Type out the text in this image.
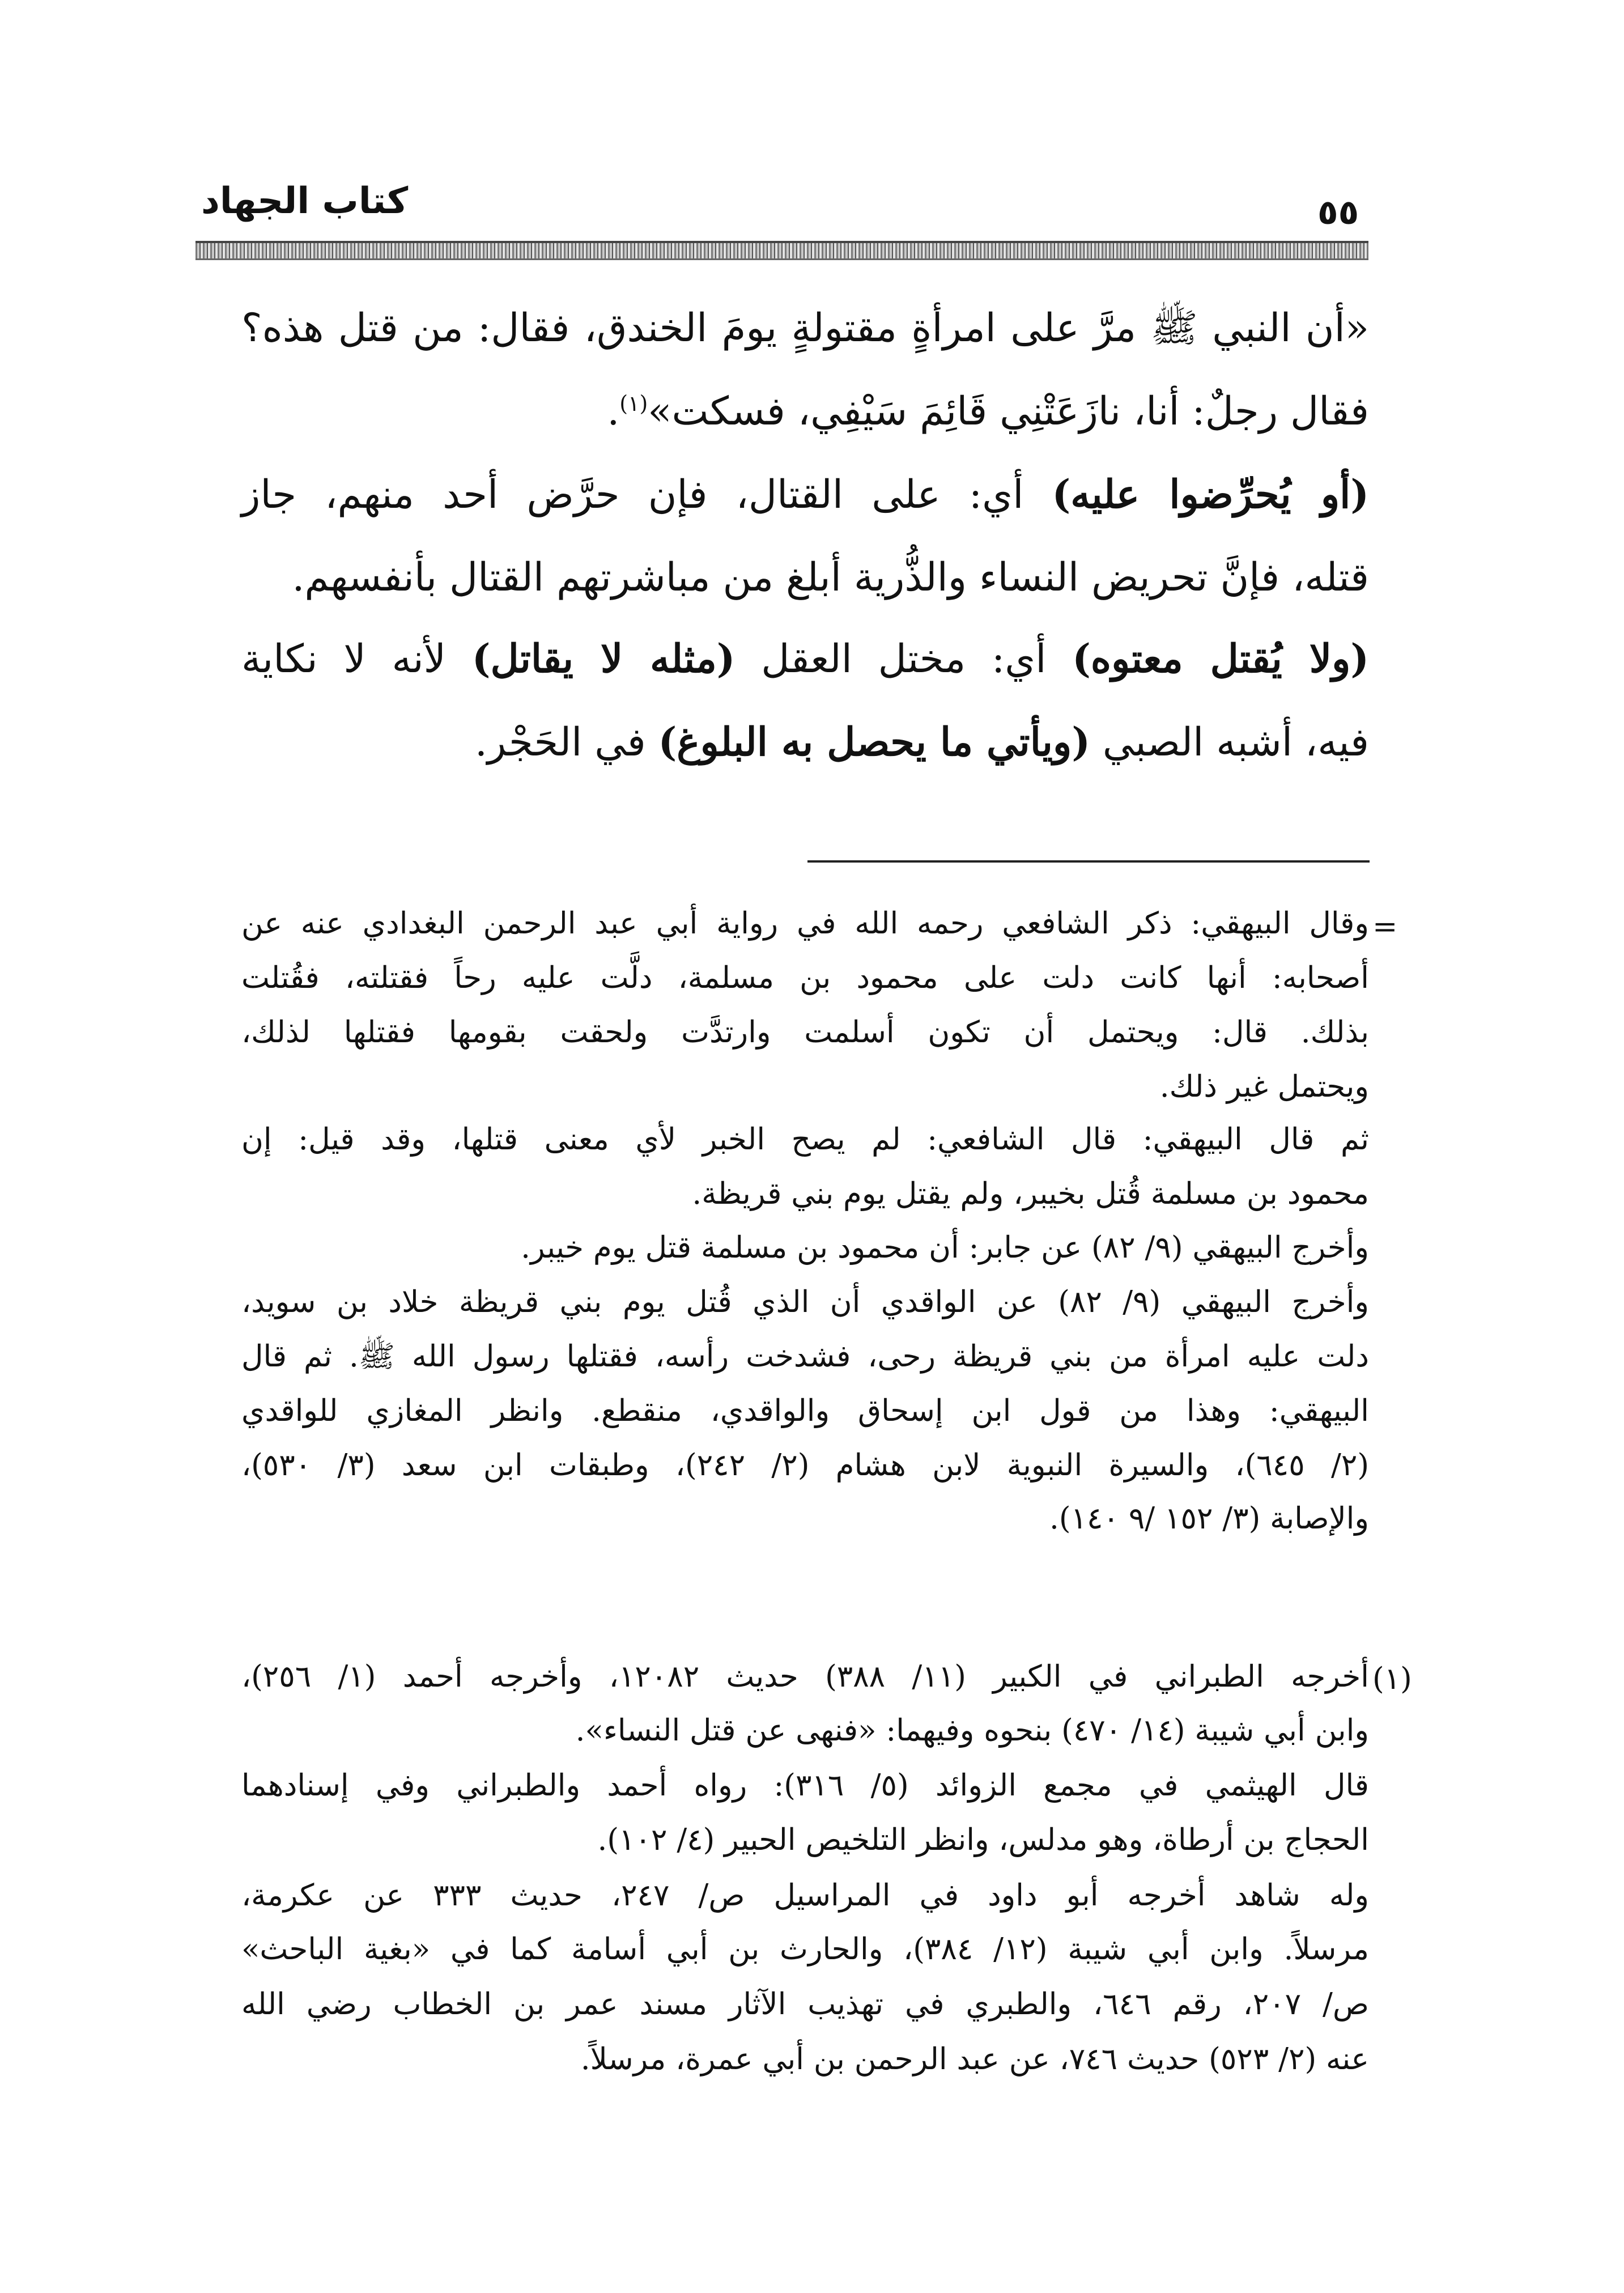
كتاب الجهاد	٥٥
«أن النبي ﷺ مرَّ على امرأةٍ مقتولةٍ يومَ الخندق، فقال: من قتل هذه؟
فقال رجلٌ: أنا، نازَعَتْنِي قَائِمَ سَيْفِي، فسكت»$^{(١)}$.
(أو يُحرِّضوا عليه) أي: على القتال، فإن حرَّض أحد منهم، جاز
قتله، فإنَّ تحريض النساء والذُّرية أبلغ من مباشرتهم القتال بأنفسهم.
(ولا يُقتل معتوه) أي: مختل العقل (مثله لا يقاتل) لأنه لا نكاية
فيه، أشبه الصبي (ويأتي ما يحصل به البلوغ) في الحَجْر.
=
(١)
وقال البيهقي: ذكر الشافعي رحمه الله في رواية أبي عبد الرحمن البغدادي عنه عن
أصحابه: أنها كانت دلت على محمود بن مسلمة، دلَّت عليه رحاً فقتلته، فقُتلت
بذلك. قال: ويحتمل أن تكون أسلمت وارتدَّت ولحقت بقومها فقتلها لذلك،
ويحتمل غير ذلك.
ثم قال البيهقي: قال الشافعي: لم يصح الخبر لأي معنى قتلها، وقد قيل: إن
محمود بن مسلمة قُتل بخيبر، ولم يقتل يوم بني قريظة.
وأخرج البيهقي (٩/ ٨٢) عن جابر: أن محمود بن مسلمة قتل يوم خيبر.
وأخرج البيهقي (٩/ ٨٢) عن الواقدي أن الذي قُتل يوم بني قريظة خلاد بن سويد،
دلت عليه امرأة من بني قريظة رحى، فشدخت رأسه، فقتلها رسول الله ﷺ. ثم قال
البيهقي: وهذا من قول ابن إسحاق والواقدي، منقطع. وانظر المغازي للواقدي
(٢/ ٦٤٥)، والسيرة النبوية لابن هشام (٢/ ٢٤٢)، وطبقات ابن سعد (٣/ ٥٣٠)،
والإصابة (٣/ ١٥٢ /٩ ١٤٠).
أخرجه الطبراني في الكبير (١١/ ٣٨٨) حديث ١٢٠٨٢، وأخرجه أحمد (١/ ٢٥٦)،
وابن أبي شيبة (١٤/ ٤٧٠) بنحوه وفيهما: «فنهى عن قتل النساء».
قال الهيثمي في مجمع الزوائد (٥/ ٣١٦): رواه أحمد والطبراني وفي إسنادهما
الحجاج بن أرطاة، وهو مدلس، وانظر التلخيص الحبير (٤/ ١٠٢).
وله شاهد أخرجه أبو داود في المراسيل ص/ ٢٤٧، حديث ٣٣٣ عن عكرمة،
مرسلاً. وابن أبي شيبة (١٢/ ٣٨٤)، والحارث بن أبي أسامة كما في «بغية الباحث»
ص/ ٢٠٧، رقم ٦٤٦، والطبري في تهذيب الآثار مسند عمر بن الخطاب رضي الله
عنه (٢/ ٥٢٣) حديث ٧٤٦، عن عبد الرحمن بن أبي عمرة، مرسلاً.
